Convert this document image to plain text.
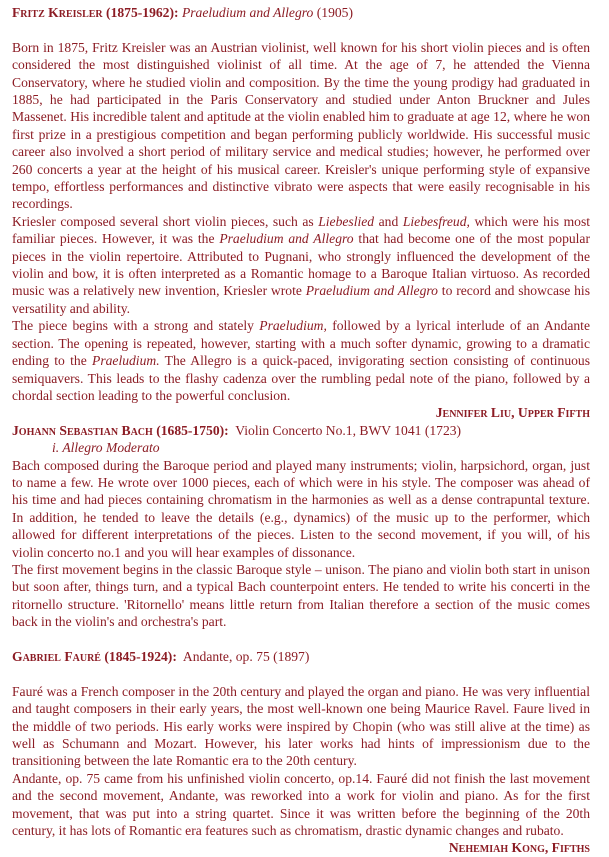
Fritz Kreisler (1875-1962): Praeludium and Allegro (1905)

Born in 1875, Fritz Kreisler was an Austrian violinist, well known for his short violin pieces and is often considered the most distinguished violinist of all time. At the age of 7, he attended the Vienna Conservatory, where he studied violin and composition. By the time the young prodigy had graduated in 1885, he had participated in the Paris Conservatory and studied under Anton Bruckner and Jules Massenet. His incredible talent and aptitude at the violin enabled him to graduate at age 12, where he won first prize in a prestigious competition and began performing publicly worldwide. His successful music career also involved a short period of military service and medical studies; however, he performed over 260 concerts a year at the height of his musical career. Kreisler's unique performing style of expansive tempo, effortless performances and distinctive vibrato were aspects that were easily recognisable in his recordings.

Kriesler composed several short violin pieces, such as Liebeslied and Liebesfreud, which were his most familiar pieces. However, it was the Praeludium and Allegro that had become one of the most popular pieces in the violin repertoire. Attributed to Pugnani, who strongly influenced the development of the violin and bow, it is often interpreted as a Romantic homage to a Baroque Italian virtuoso. As recorded music was a relatively new invention, Kriesler wrote Praeludium and Allegro to record and showcase his versatility and ability.

The piece begins with a strong and stately Praeludium, followed by a lyrical interlude of an Andante section. The opening is repeated, however, starting with a much softer dynamic, growing to a dramatic ending to the Praeludium. The Allegro is a quick-paced, invigorating section consisting of continuous semiquavers. This leads to the flashy cadenza over the rumbling pedal note of the piano, followed by a chordal section leading to the powerful conclusion.

Jennifer Liu, Upper Fifth
Johann Sebastian Bach (1685-1750):  Violin Concerto No.1, BWV 1041 (1723)
i. Allegro Moderato

Bach composed during the Baroque period and played many instruments; violin, harpsichord, organ, just to name a few. He wrote over 1000 pieces, each of which were in his style. The composer was ahead of his time and had pieces containing chromatism in the harmonies as well as a dense contrapuntal texture. In addition, he tended to leave the details (e.g., dynamics) of the music up to the performer, which allowed for different interpretations of the pieces. Listen to the second movement, if you will, of his violin concerto no.1 and you will hear examples of dissonance.

The first movement begins in the classic Baroque style – unison. The piano and violin both start in unison but soon after, things turn, and a typical Bach counterpoint enters. He tended to write his concerti in the ritornello structure. 'Ritornello' means little return from Italian therefore a section of the music comes back in the violin's and orchestra's part.

Gabriel Fauré (1845-1924):  Andante, op. 75 (1897)

Fauré was a French composer in the 20th century and played the organ and piano. He was very influential and taught composers in their early years, the most well-known one being Maurice Ravel. Faure lived in the middle of two periods. His early works were inspired by Chopin (who was still alive at the time) as well as Schumann and Mozart. However, his later works had hints of impressionism due to the transitioning between the late Romantic era to the 20th century.

Andante, op. 75 came from his unfinished violin concerto, op.14. Fauré did not finish the last movement and the second movement, Andante, was reworked into a work for violin and piano. As for the first movement, that was put into a string quartet. Since it was written before the beginning of the 20th century, it has lots of Romantic era features such as chromatism, drastic dynamic changes and rubato.

Nehemiah Kong, Fifths
